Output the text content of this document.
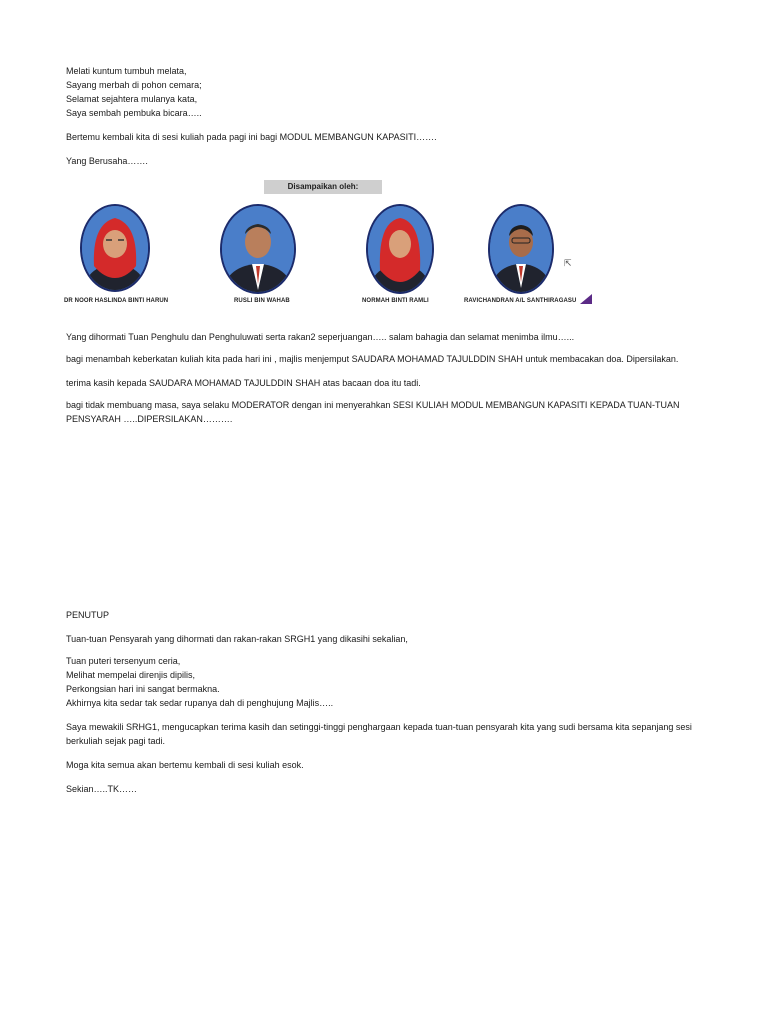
Melati kuntum tumbuh melata,
Sayang merbah di pohon cemara;
Selamat sejahtera mulanya kata,
Saya sembah pembuka bicara…..
Bertemu kembali kita di sesi kuliah pada pagi ini bagi MODUL MEMBANGUN KAPASITI…….
Yang Berusaha…….
Disampaikan oleh:
DR NOOR HASLINDA BINTI HARUN	RUSLI BIN WAHAB	NORMAH BINTI RAMLI	RAVICHANDRAN A/L SANTHIRAGASU
⇱
Yang dihormati Tuan Penghulu dan Penghuluwati serta rakan2 seperjuangan….. salam bahagia dan selamat menimba ilmu…...
bagi menambah keberkatan kuliah kita pada hari ini , majlis menjemput SAUDARA MOHAMAD TAJULDDIN SHAH untuk membacakan doa. Dipersilakan.
terima kasih kepada SAUDARA MOHAMAD TAJULDDIN SHAH atas bacaan doa itu tadi.
bagi tidak membuang masa, saya selaku MODERATOR dengan ini menyerahkan SESI KULIAH MODUL MEMBANGUN KAPASITI KEPADA TUAN-TUAN PENSYARAH …..DIPERSILAKAN……….
PENUTUP
Tuan-tuan Pensyarah yang dihormati dan rakan-rakan SRGH1 yang dikasihi sekalian,
Tuan puteri tersenyum ceria,
Melihat mempelai direnjis dipilis,
Perkongsian hari ini sangat bermakna.
Akhirnya kita sedar tak sedar rupanya dah di penghujung Majlis…..
Saya mewakili SRHG1, mengucapkan terima kasih dan setinggi-tinggi penghargaan kepada tuan-tuan pensyarah kita yang sudi bersama kita sepanjang sesi berkuliah sejak pagi tadi.
Moga kita semua akan bertemu kembali di sesi kuliah esok.
Sekian…..TK……
